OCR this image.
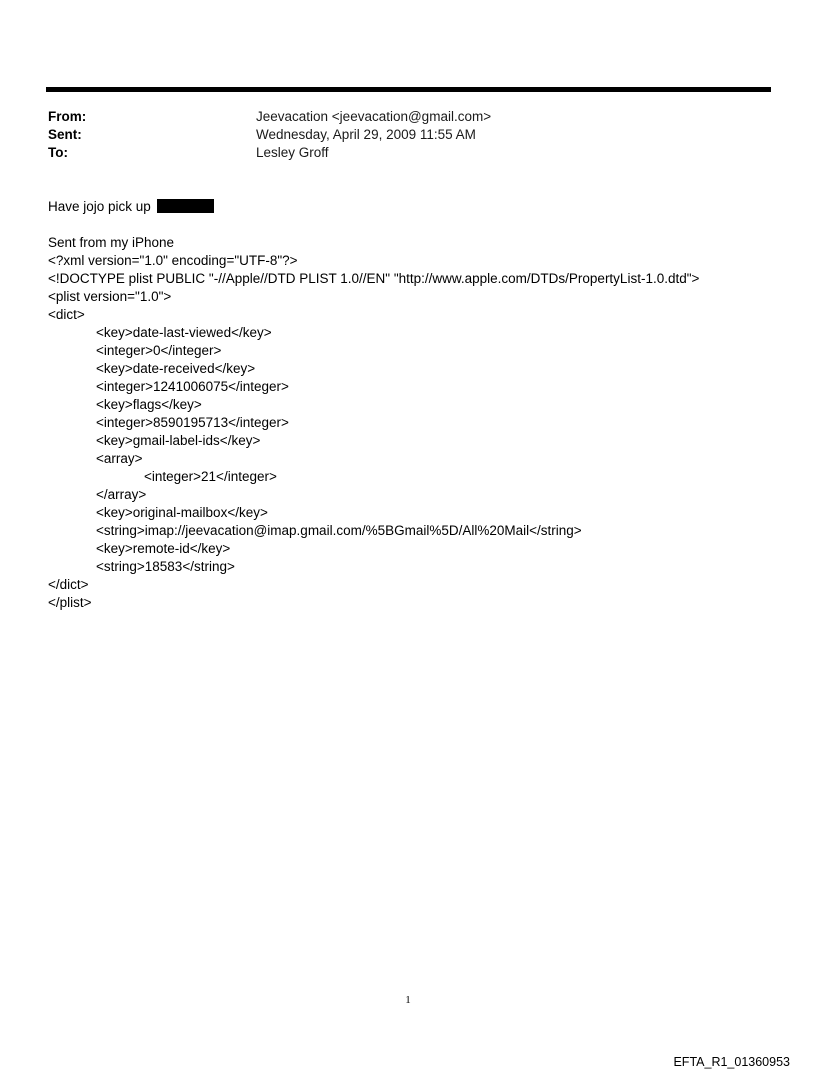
From:	Jeevacation <jeevacation@gmail.com>
Sent:	Wednesday, April 29, 2009 11:55 AM
To:	Lesley Groff
Have jojo pick up
Sent from my iPhone
<?xml version="1.0" encoding="UTF-8"?>
<!DOCTYPE plist PUBLIC "-//Apple//DTD PLIST 1.0//EN" "http://www.apple.com/DTDs/PropertyList-1.0.dtd">
<plist version="1.0">
<dict>
<key>date-last-viewed</key>
<integer>0</integer>
<key>date-received</key>
<integer>1241006075</integer>
<key>flags</key>
<integer>8590195713</integer>
<key>gmail-label-ids</key>
<array>
<integer>21</integer>
</array>
<key>original-mailbox</key>
<string>imap://jeevacation@imap.gmail.com/%5BGmail%5D/All%20Mail</string>
<key>remote-id</key>
<string>18583</string>
</dict>
</plist>
1
EFTA_R1_01360953
